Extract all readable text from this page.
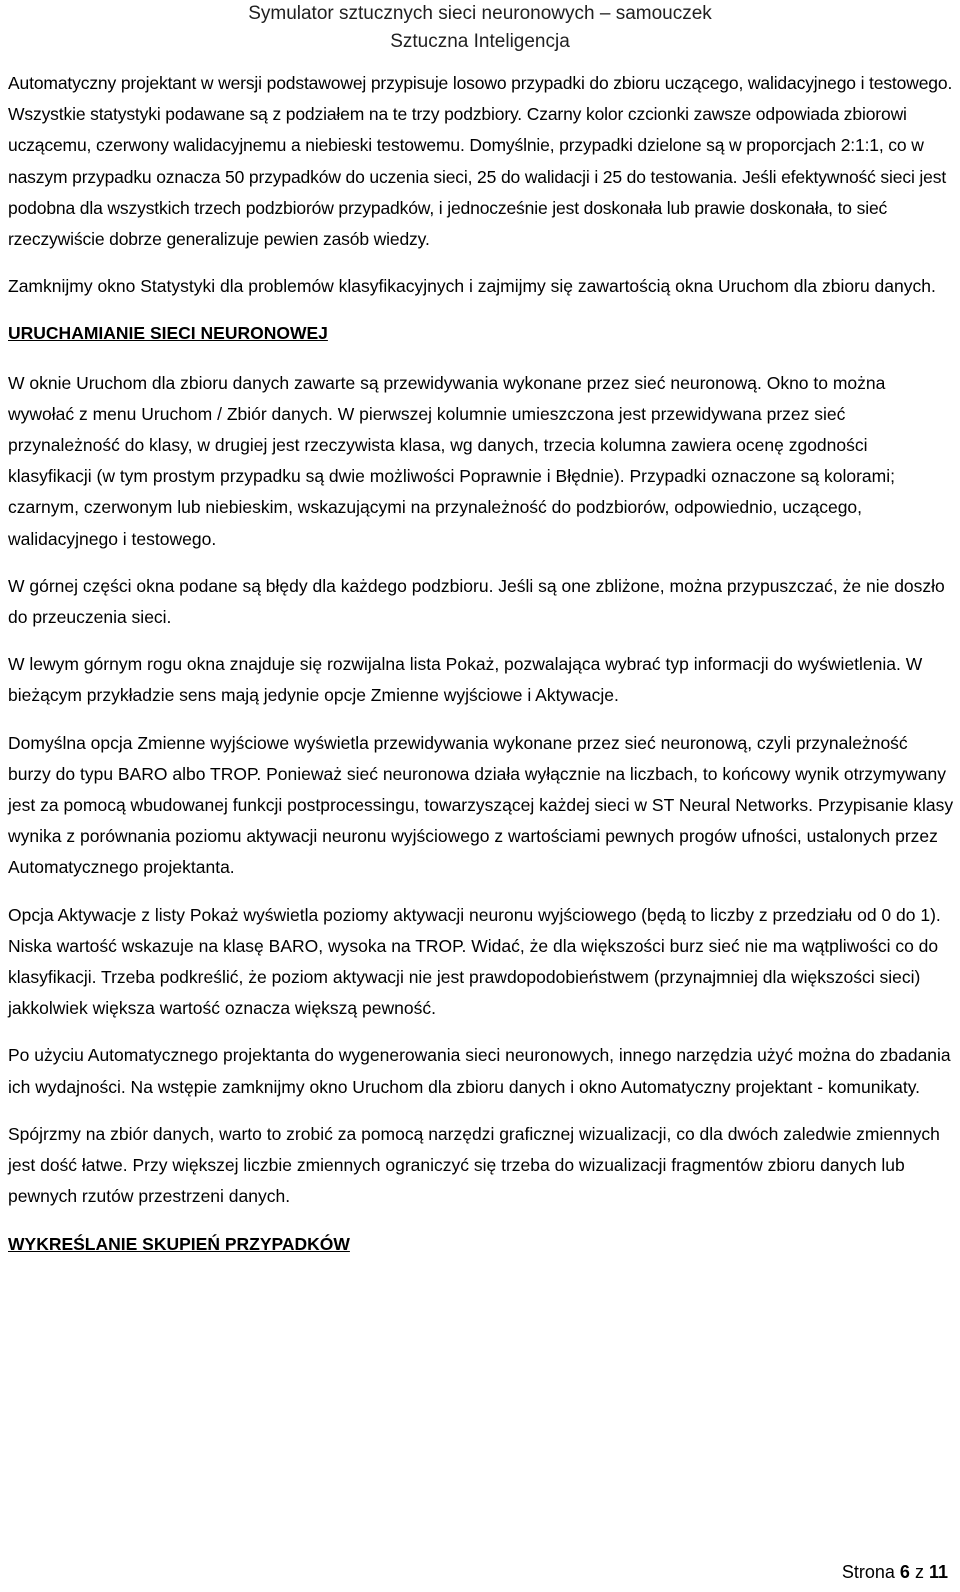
Symulator sztucznych sieci neuronowych – samouczek
Sztuczna Inteligencja

Automatyczny projektant w wersji podstawowej przypisuje losowo przypadki do zbioru uczącego, walidacyjnego i testowego. Wszystkie statystyki podawane są z podziałem na te trzy podzbiory. Czarny kolor czcionki zawsze odpowiada zbiorowi uczącemu, czerwony walidacyjnemu a niebieski testowemu. Domyślnie, przypadki dzielone są w proporcjach 2:1:1, co w naszym przypadku oznacza 50 przypadków do uczenia sieci, 25 do walidacji i 25 do testowania. Jeśli efektywność sieci jest podobna dla wszystkich trzech podzbiorów przypadków, i jednocześnie jest doskonała lub prawie doskonała, to sieć rzeczywiście dobrze generalizuje pewien zasób wiedzy.

Zamknijmy okno Statystyki dla problemów klasyfikacyjnych i zajmijmy się zawartością okna Uruchom dla zbioru danych.

URUCHAMIANIE SIECI NEURONOWEJ

W oknie Uruchom dla zbioru danych zawarte są przewidywania wykonane przez sieć neuronową. Okno to można wywołać z menu Uruchom / Zbiór danych. W pierwszej kolumnie umieszczona jest przewidywana przez sieć przynależność do klasy, w drugiej jest rzeczywista klasa, wg danych, trzecia kolumna zawiera ocenę zgodności klasyfikacji (w tym prostym przypadku są dwie możliwości Poprawnie i Błędnie). Przypadki oznaczone są kolorami; czarnym, czerwonym lub niebieskim, wskazującymi na przynależność do podzbiorów, odpowiednio, uczącego, walidacyjnego i testowego.

W górnej części okna podane są błędy dla każdego podzbioru. Jeśli są one zbliżone, można przypuszczać, że nie doszło do przeuczenia sieci.

W lewym górnym rogu okna znajduje się rozwijalna lista Pokaż, pozwalająca wybrać typ informacji do wyświetlenia. W bieżącym przykładzie sens mają jedynie opcje Zmienne wyjściowe i Aktywacje.

Domyślna opcja Zmienne wyjściowe wyświetla przewidywania wykonane przez sieć neuronową, czyli przynależność burzy do typu BARO albo TROP. Ponieważ sieć neuronowa działa wyłącznie na liczbach, to końcowy wynik otrzymywany jest za pomocą wbudowanej funkcji postprocessingu, towarzyszącej każdej sieci w ST Neural Networks. Przypisanie klasy wynika z porównania poziomu aktywacji neuronu wyjściowego z wartościami pewnych progów ufności, ustalonych przez Automatycznego projektanta.

Opcja Aktywacje z listy Pokaż wyświetla poziomy aktywacji neuronu wyjściowego (będą to liczby z przedziału od 0 do 1). Niska wartość wskazuje na klasę BARO, wysoka na TROP. Widać, że dla większości burz sieć nie ma wątpliwości co do klasyfikacji. Trzeba podkreślić, że poziom aktywacji nie jest prawdopodobieństwem (przynajmniej dla większości sieci) jakkolwiek większa wartość oznacza większą pewność.

Po użyciu Automatycznego projektanta do wygenerowania sieci neuronowych, innego narzędzia użyć można do zbadania ich wydajności. Na wstępie zamknijmy okno Uruchom dla zbioru danych i okno Automatyczny projektant - komunikaty.

Spójrzmy na zbiór danych, warto to zrobić za pomocą narzędzi graficznej wizualizacji, co dla dwóch zaledwie zmiennych jest dość łatwe. Przy większej liczbie zmiennych ograniczyć się trzeba do wizualizacji fragmentów zbioru danych lub pewnych rzutów przestrzeni danych.

WYKREŚLANIE SKUPIEŃ PRZYPADKÓW
Strona 6 z 11
